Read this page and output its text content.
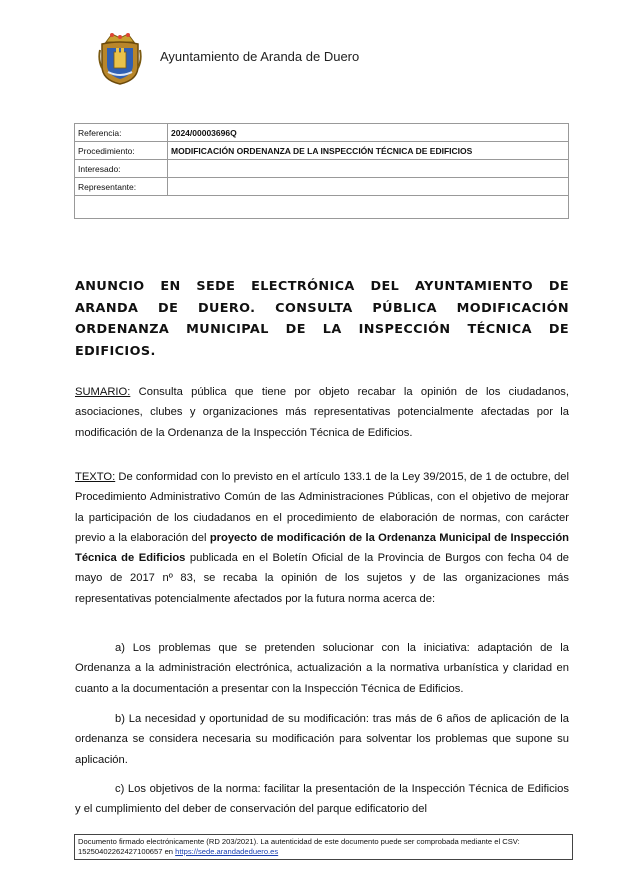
Ayuntamiento de Aranda de Duero
Referencia:	2024/00003696Q
Procedimiento:	MODIFICACIÓN ORDENANZA DE LA INSPECCIÓN TÉCNICA DE EDIFICIOS
Interesado:	
Representante:	

ANUNCIO EN SEDE ELECTRÓNICA DEL AYUNTAMIENTO DE ARANDA DE DUERO. CONSULTA PÚBLICA MODIFICACIÓN ORDENANZA MUNICIPAL DE LA INSPECCIÓN TÉCNICA DE EDIFICIOS.
SUMARIO: Consulta pública que tiene por objeto recabar la opinión de los ciudadanos, asociaciones, clubes y organizaciones más representativas potencialmente afectadas por la modificación de la Ordenanza de la Inspección Técnica de Edificios.
TEXTO: De conformidad con lo previsto en el artículo 133.1 de la Ley 39/2015, de 1 de octubre, del Procedimiento Administrativo Común de las Administraciones Públicas, con el objetivo de mejorar la participación de los ciudadanos en el procedimiento de elaboración de normas, con carácter previo a la elaboración del proyecto de modificación de la Ordenanza Municipal de Inspección Técnica de Edificios publicada en el Boletín Oficial de la Provincia de Burgos con fecha 04 de mayo de 2017 nº 83, se recaba la opinión de los sujetos y de las organizaciones más representativas potencialmente afectados por la futura norma acerca de:
a) Los problemas que se pretenden solucionar con la iniciativa: adaptación de la Ordenanza a la administración electrónica, actualización a la normativa urbanística y claridad en cuanto a la documentación a presentar con la Inspección Técnica de Edificios.
b) La necesidad y oportunidad de su modificación: tras más de 6 años de aplicación de la ordenanza se considera necesaria su modificación para solventar los problemas que supone su aplicación.
c) Los objetivos de la norma: facilitar la presentación de la Inspección Técnica de Edificios y el cumplimiento del deber de conservación del parque edificatorio del
Documento firmado electrónicamente (RD 203/2021). La autenticidad de este documento puede ser comprobada mediante el CSV: 15250402262427100657 en https://sede.arandadeduero.es
